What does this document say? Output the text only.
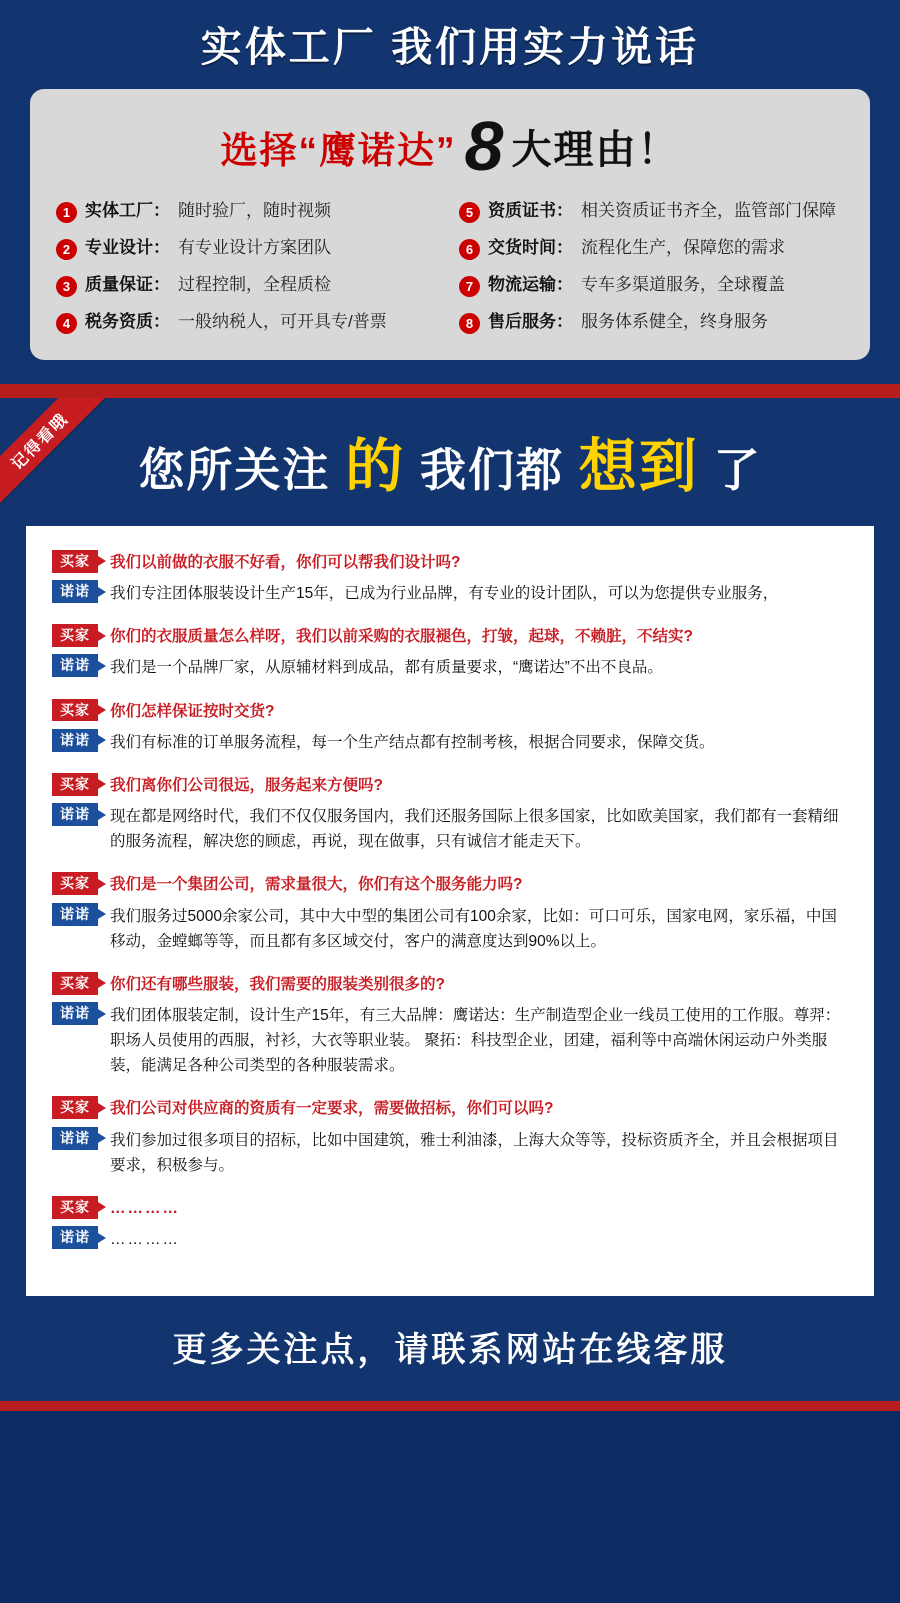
实体工厂 我们用实力说话
选择“鹰诺达” 8 大理由！
1 实体工厂： 随时验厂，随时视频	5 资质证书： 相关资质证书齐全，监管部门保障
2 专业设计： 有专业设计方案团队	6 交货时间： 流程化生产，保障您的需求
3 质量保证： 过程控制，全程质检	7 物流运输： 专车多渠道服务，全球覆盖
4 税务资质： 一般纳税人，可开具专/普票	8 售后服务： 服务体系健全，终身服务
记得看哦	您所关注 的 我们都 想到 了
买家	我们以前做的衣服不好看，你们可以帮我们设计吗?
诺诺	我们专注团体服装设计生产15年，已成为行业品牌，有专业的设计团队，可以为您提供专业服务，
买家	你们的衣服质量怎么样呀，我们以前采购的衣服褪色，打皱，起球，不赖脏，不结实?
诺诺	我们是一个品牌厂家，从原辅材料到成品，都有质量要求，“鹰诺达”不出不良品。
买家	你们怎样保证按时交货?
诺诺	我们有标准的订单服务流程，每一个生产结点都有控制考核，根据合同要求，保障交货。
买家	我们离你们公司很远，服务起来方便吗?
诺诺	现在都是网络时代，我们不仅仅服务国内，我们还服务国际上很多国家，比如欧美国家，我们都有一套精细的服务流程，解决您的顾虑，再说，现在做事，只有诚信才能走天下。
买家	我们是一个集团公司，需求量很大，你们有这个服务能力吗?
诺诺	我们服务过5000余家公司，其中大中型的集团公司有100余家，比如：可口可乐，国家电网，家乐福，中国移动，金螳螂等等，而且都有多区域交付，客户的满意度达到90%以上。
买家	你们还有哪些服装，我们需要的服装类别很多的?
诺诺	我们团体服装定制，设计生产15年，有三大品牌：鹰诺达：生产制造型企业一线员工使用的工作服。尊羿：职场人员使用的西服，衬衫，大衣等职业装。 聚拓：科技型企业，团建，福利等中高端休闲运动户外类服装，能满足各种公司类型的各种服装需求。
买家	我们公司对供应商的资质有一定要求，需要做招标，你们可以吗?
诺诺	我们参加过很多项目的招标，比如中国建筑，雅士利油漆，上海大众等等，投标资质齐全，并且会根据项目要求，积极参与。
买家	…………
诺诺	…………
更多关注点，请联系网站在线客服
